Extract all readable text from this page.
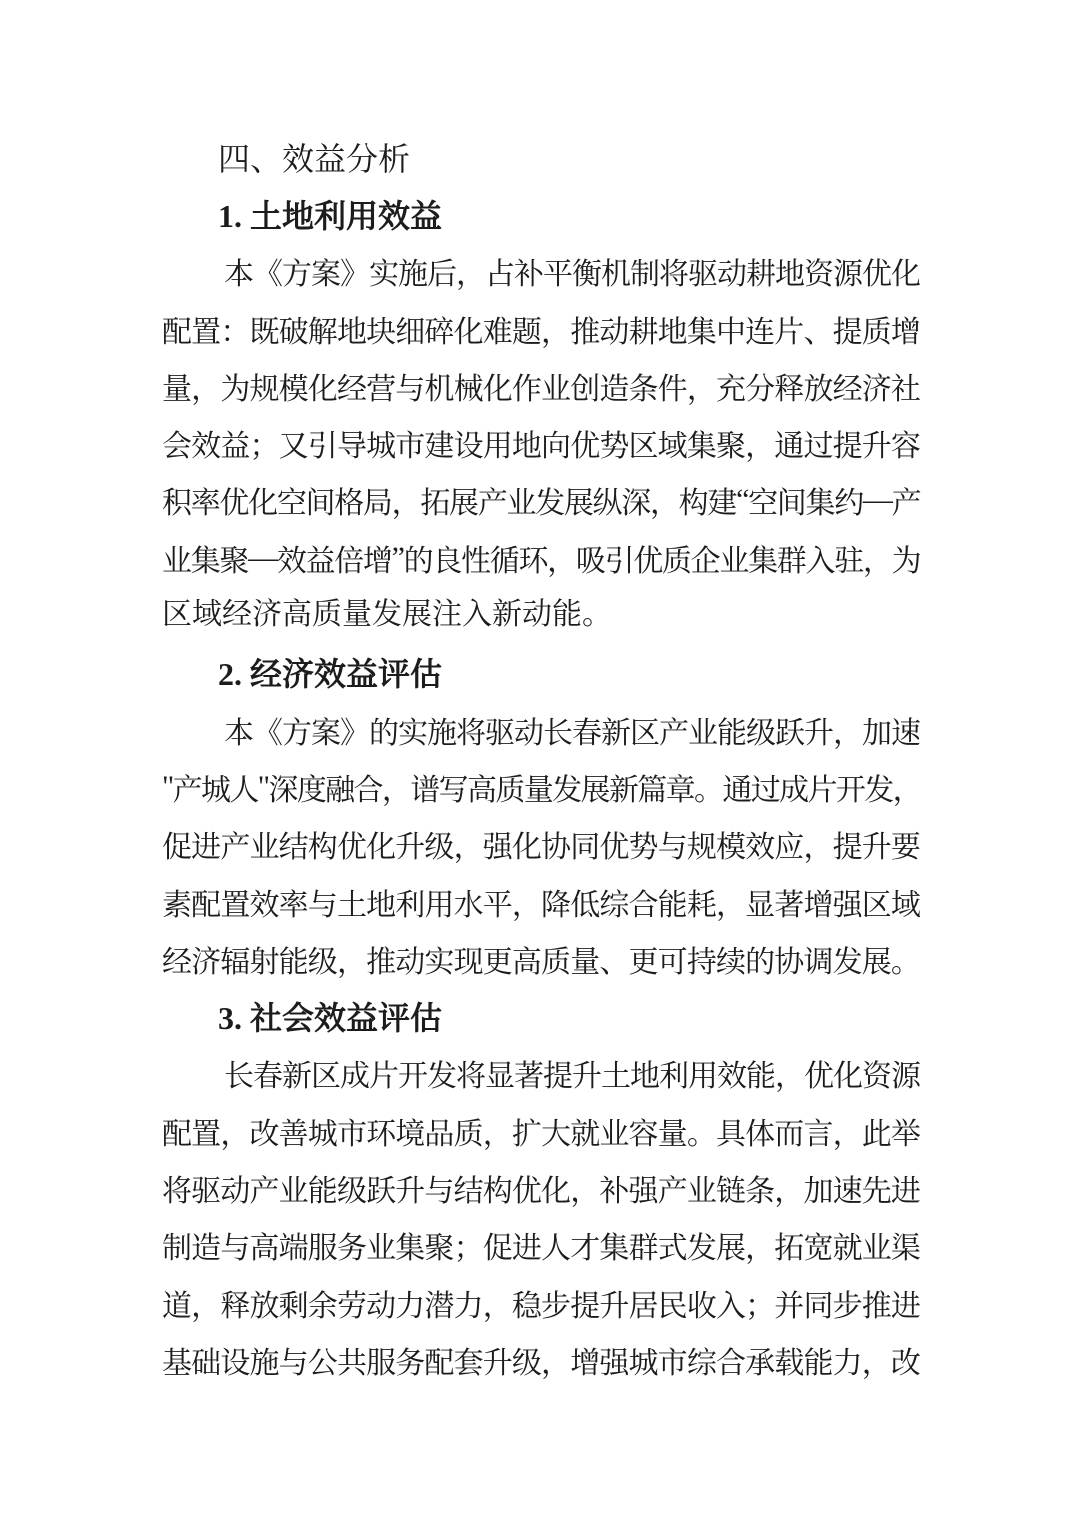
四、效益分析
1. 土地利用效益
本 《 方 案 》 实 施 后 ， 占 补 平 衡 机 制 将 驱 动 耕 地 资 源 优 化
配 置 ： 既 破 解 地 块 细 碎 化 难 题 ， 推 动 耕 地 集 中 连 片 、 提 质 增
量 ， 为 规 模 化 经 营 与 机 械 化 作 业 创 造 条 件 ， 充 分 释 放 经 济 社
会 效 益 ； 又 引 导 城 市 建 设 用 地 向 优 势 区 域 集 聚 ， 通 过 提 升 容
积 率 优 化 空 间 格 局 ， 拓 展 产 业 发 展 纵 深 ， 构 建 “ 空 间 集 约 — 产
业 集 聚 — 效 益 倍 增 ” 的 良 性 循 环 ， 吸 引 优 质 企 业 集 群 入 驻 ， 为
区域经济高质量发展注入新动能。
2. 经济效益评估
本 《 方 案 》 的 实 施 将 驱 动 长 春 新 区 产 业 能 级 跃 升 ， 加 速
" 产 城 人 " 深 度 融 合 ， 谱 写 高 质 量 发 展 新 篇 章 。 通 过 成 片 开 发 ，
促 进 产 业 结 构 优 化 升 级 ， 强 化 协 同 优 势 与 规 模 效 应 ， 提 升 要
素 配 置 效 率 与 土 地 利 用 水 平 ， 降 低 综 合 能 耗 ， 显 著 增 强 区 域
经 济 辐 射 能 级 ， 推 动 实 现 更 高 质 量 、 更 可 持 续 的 协 调 发 展 。
3. 社会效益评估
长 春 新 区 成 片 开 发 将 显 著 提 升 土 地 利 用 效 能 ， 优 化 资 源
配 置 ， 改 善 城 市 环 境 品 质 ， 扩 大 就 业 容 量 。 具 体 而 言 ， 此 举
将 驱 动 产 业 能 级 跃 升 与 结 构 优 化 ， 补 强 产 业 链 条 ， 加 速 先 进
制 造 与 高 端 服 务 业 集 聚 ； 促 进 人 才 集 群 式 发 展 ， 拓 宽 就 业 渠
道 ， 释 放 剩 余 劳 动 力 潜 力 ， 稳 步 提 升 居 民 收 入 ； 并 同 步 推 进
基 础 设 施 与 公 共 服 务 配 套 升 级 ， 增 强 城 市 综 合 承 载 能 力 ， 改
